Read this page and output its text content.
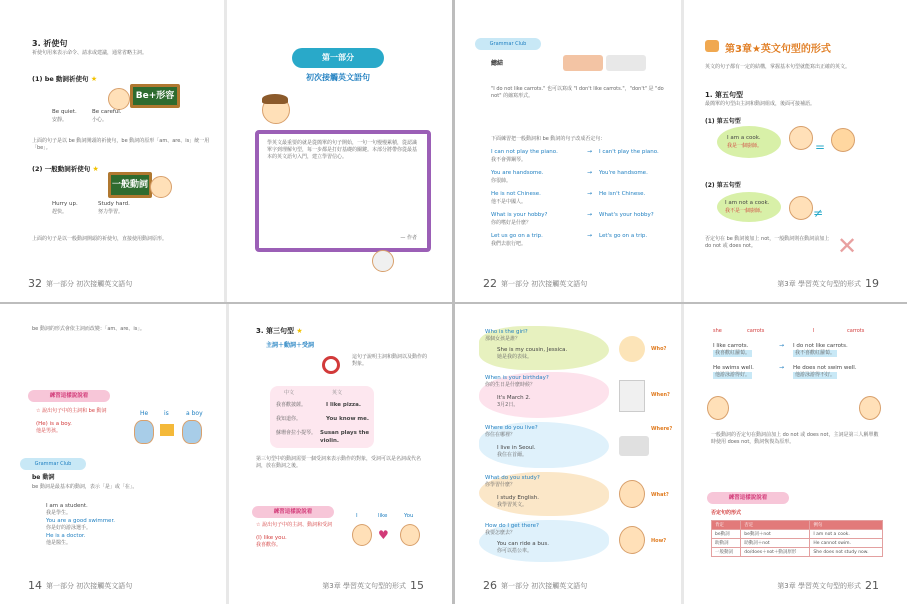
3. 祈使句
祈使句用來表示命令、請求或建議，通常省略主詞。
(1) be 動詞祈使句 ★
Be+形容詞
Be quiet.	Be careful.
安靜。	小心。
上面的句子是以 be 動詞開頭的祈使句，be 動詞的原形「am、are、is」統一用「be」。
(2) 一般動詞祈使句 ★
一般動詞
Hurry up.	Study hard.
趕快。	努力學習。
上面的句子是以一般動詞開頭的祈使句，直接使用動詞原形。
32 第一部分 初次接觸英文語句
第一部分
初次接觸英文語句
學英文最重要的就是從簡單的句子開始，一句一句慢慢累積，從認識單字到理解句型，每一步都是打好基礎的關鍵。本部分將帶你從最基本的英文語句入門，建立學習信心。
— 作者
Grammar Club
總結
"I do not like carrots." 也可以寫成 "I don't like carrots."，"don't" 是 "do not" 的縮寫形式。
下面練習把一般動詞和 be 動詞的句子改成否定句：
I can not play the piano.	→ I can't play the piano.
我不會彈鋼琴。
You are handsome.	→ You're handsome.
你很帥。
He is not Chinese.	→ He isn't Chinese.
他不是中國人。
What is your hobby?	→ What's your hobby?
你的嗜好是什麼？
Let us go on a trip.	→ Let's go on a trip.
我們去旅行吧。
22 第一部分 初次接觸英文語句
第3章★英文句型的形式
英文的句子都有一定的結構，掌握基本句型就能寫出正確的英文。
1. 第五句型
最簡單的句型由主詞和動詞組成，後面可接補語。
(1) 第五句型
I am a cook.
我是一個廚師。	=
(2) 第五句型
I am not a cook.
我不是一個廚師。	≠
✕
否定句在 be 動詞後加上 not，一般動詞則在動詞前加上 do not 或 does not。
第3章 學習英文句型的形式 19
be 動詞的形式會依主詞而改變：「am、are、is」。
練習這樣說說看
☆ 說出句子中的主詞和 be 動詞
(He) is a boy.
他是男孩。
He	is	a boy
Grammar Club
be 動詞
be 動詞是最基本的動詞，表示「是」或「在」。
I am a student.
我是學生。
You are a good swimmer.
你是好的游泳選手。
He is a doctor.
他是醫生。
14 第一部分 初次接觸英文語句
3. 第三句型 ★
主詞＋動詞＋受詞
這句子說明主詞和動詞以及動作的對象。
中文	英文
我喜歡披薩。	I like pizza.
我知道你。	You know me.
蘇珊會拉小提琴。 Susan plays the violin.
第三句型中的動詞需要一個受詞來表示動作的對象，受詞可以是名詞或代名詞，放在動詞之後。
練習這樣說說看
☆ 說出句子中的主詞、動詞和受詞
(I) like you.
我喜歡你。
I	like	You
♥
第3章 學習英文句型的形式 15
Who is the girl?
那個女孩是誰？
She is my cousin, Jessica.
她是我的表妹。
Who?
When is your birthday?
你的生日是什麼時候？
It's March 2.
3月2日。
When?
Where do you live?
你住在哪裡？
I live in Seoul.
我住在首爾。
Where?
What do you study?
你學習什麼？
I study English.
我學習英文。
What?
How do I get there?
我要怎麼去？
You can ride a bus.
你可以搭公車。
How?
26 第一部分 初次接觸英文語句
she	carrots	I	carrots
I like carrots.	→ I do not like carrots.
我喜歡紅蘿蔔。	我不喜歡紅蘿蔔。
He swims well.	→ He does not swim well.
他游泳游得好。	他游泳游得不好。
一般動詞的否定句在動詞前加上 do not 或 does not，主詞是第三人稱單數時使用 does not，動詞恢復為原形。
練習這樣說說看
否定句的形式
肯定	否定	例句
be動詞	be動詞＋not	I am not a cook.
助動詞	助動詞＋not	He cannot swim.
一般動詞	do/does＋not＋動詞原形	She does not study now.
第3章 學習英文句型的形式 21
